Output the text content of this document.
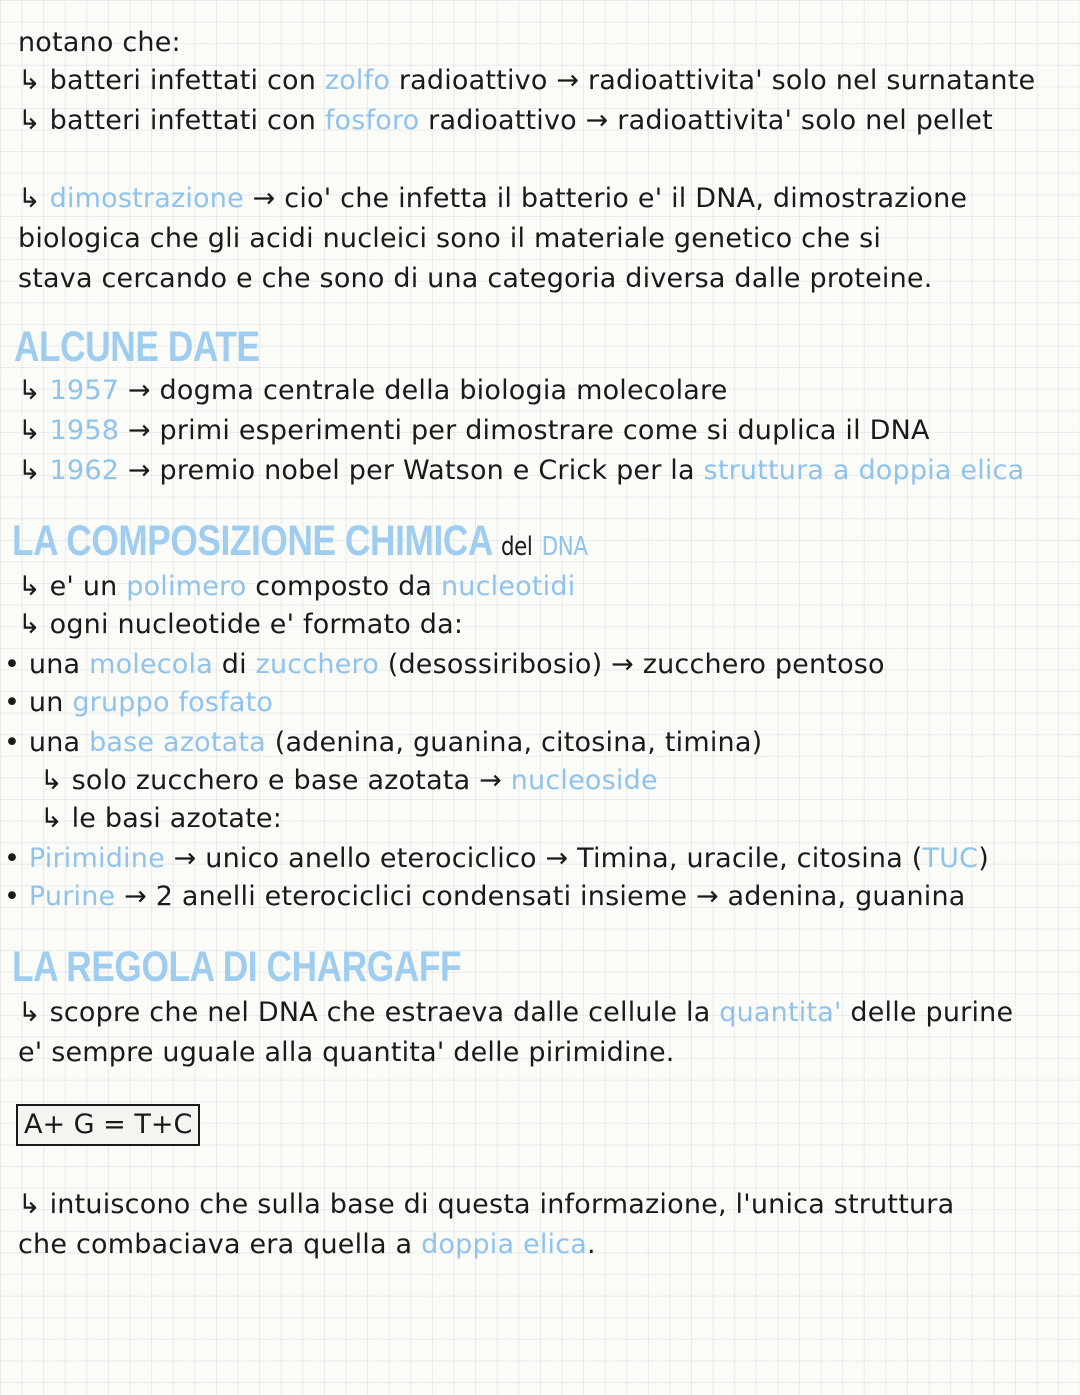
notano che:
↳ batteri infettati con zolfo radioattivo → radioattivita' solo nel surnatante
↳ batteri infettati con fosforo radioattivo → radioattivita' solo nel pellet
↳ dimostrazione → cio' che infetta il batterio e' il DNA, dimostrazione
biologica che gli acidi nucleici sono il materiale genetico che si
stava cercando e che sono di una categoria diversa dalle proteine.
ALCUNE DATE
↳ 1957 → dogma centrale della biologia molecolare
↳ 1958 → primi esperimenti per dimostrare come si duplica il DNA
↳ 1962 → premio nobel per Watson e Crick per la struttura a doppia elica
LA COMPOSIZIONE CHIMICA del DNA
↳ e' un polimero composto da nucleotidi
↳ ogni nucleotide e' formato da:
• una molecola di zucchero (desossiribosio) → zucchero pentoso
• un gruppo fosfato
• una base azotata (adenina, guanina, citosina, timina)
↳ solo zucchero e base azotata → nucleoside
↳ le basi azotate:
• Pirimidine → unico anello eterociclico → Timina, uracile, citosina (TUC)
• Purine → 2 anelli eterociclici condensati insieme → adenina, guanina
LA REGOLA DI CHARGAFF
↳ scopre che nel DNA che estraeva dalle cellule la quantita' delle purine
e' sempre uguale alla quantita' delle pirimidine.
A+ G = T+C
↳ intuiscono che sulla base di questa informazione, l'unica struttura
che combaciava era quella a doppia elica.
